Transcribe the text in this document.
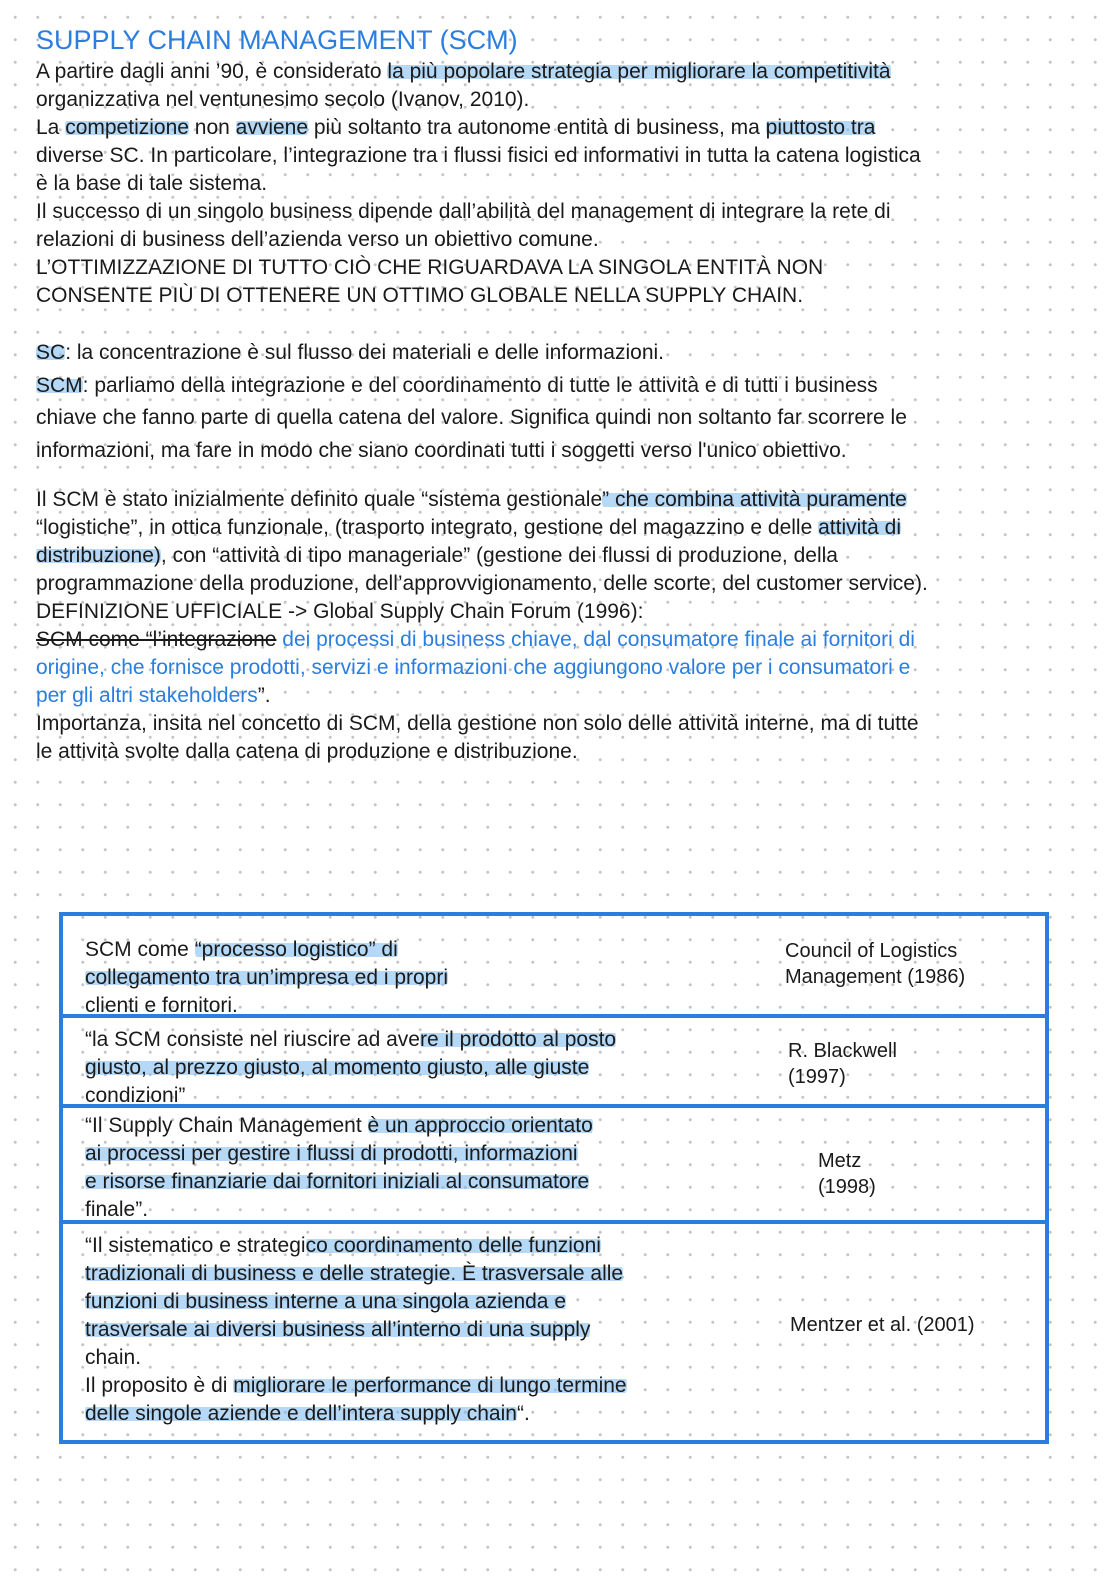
SUPPLY CHAIN MANAGEMENT (SCM)

A partire dagli anni ’90, è considerato la più popolare strategia per migliorare la competitività
organizzativa nel ventunesimo secolo (Ivanov, 2010).
La competizione non avviene più soltanto tra autonome entità di business, ma piuttosto tra
diverse SC. In particolare, l’integrazione tra i flussi fisici ed informativi in tutta la catena logistica
è la base di tale sistema.
Il successo di un singolo business dipende dall’abilità del management di integrare la rete di
relazioni di business dell’azienda verso un obiettivo comune.
L’OTTIMIZZAZIONE DI TUTTO CIÒ CHE RIGUARDAVA LA SINGOLA ENTITÀ NON
CONSENTE PIÙ DI OTTENERE UN OTTIMO GLOBALE NELLA SUPPLY CHAIN.

SC: la concentrazione è sul flusso dei materiali e delle informazioni.
SCM: parliamo della integrazione e del coordinamento di tutte le attività e di tutti i business
chiave che fanno parte di quella catena del valore. Significa quindi non soltanto far scorrere le
informazioni, ma fare in modo che siano coordinati tutti i soggetti verso l'unico obiettivo.

Il SCM è stato inizialmente definito quale “sistema gestionale” che combina attività puramente
“logistiche”, in ottica funzionale, (trasporto integrato, gestione del magazzino e delle attività di
distribuzione), con “attività di tipo manageriale” (gestione dei flussi di produzione, della
programmazione della produzione, dell’approvvigionamento, delle scorte, del customer service).
DEFINIZIONE UFFICIALE -> Global Supply Chain Forum (1996):
SCM come “l’integrazione dei processi di business chiave, dal consumatore finale ai fornitori di
origine, che fornisce prodotti, servizi e informazioni che aggiungono valore per i consumatori e
per gli altri stakeholders”.
Importanza, insita nel concetto di SCM, della gestione non solo delle attività interne, ma di tutte
le attività svolte dalla catena di produzione e distribuzione.

SCM come “processo logistico” di
collegamento tra un’impresa ed i propri
clienti e fornitori.

Council of Logistics
Management (1986)

“la SCM consiste nel riuscire ad avere il prodotto al posto
giusto, al prezzo giusto, al momento giusto, alle giuste
condizioni”

R. Blackwell
(1997)

“Il Supply Chain Management è un approccio orientato
ai processi per gestire i flussi di prodotti, informazioni
e risorse finanziarie dai fornitori iniziali al consumatore
finale”.

Metz
(1998)

“Il sistematico e strategico coordinamento delle funzioni
tradizionali di business e delle strategie. È trasversale alle
funzioni di business interne a una singola azienda e
trasversale ai diversi business all’interno di una supply
chain.
Il proposito è di migliorare le performance di lungo termine
delle singole aziende e dell’intera supply chain“.

Mentzer et al. (2001)
